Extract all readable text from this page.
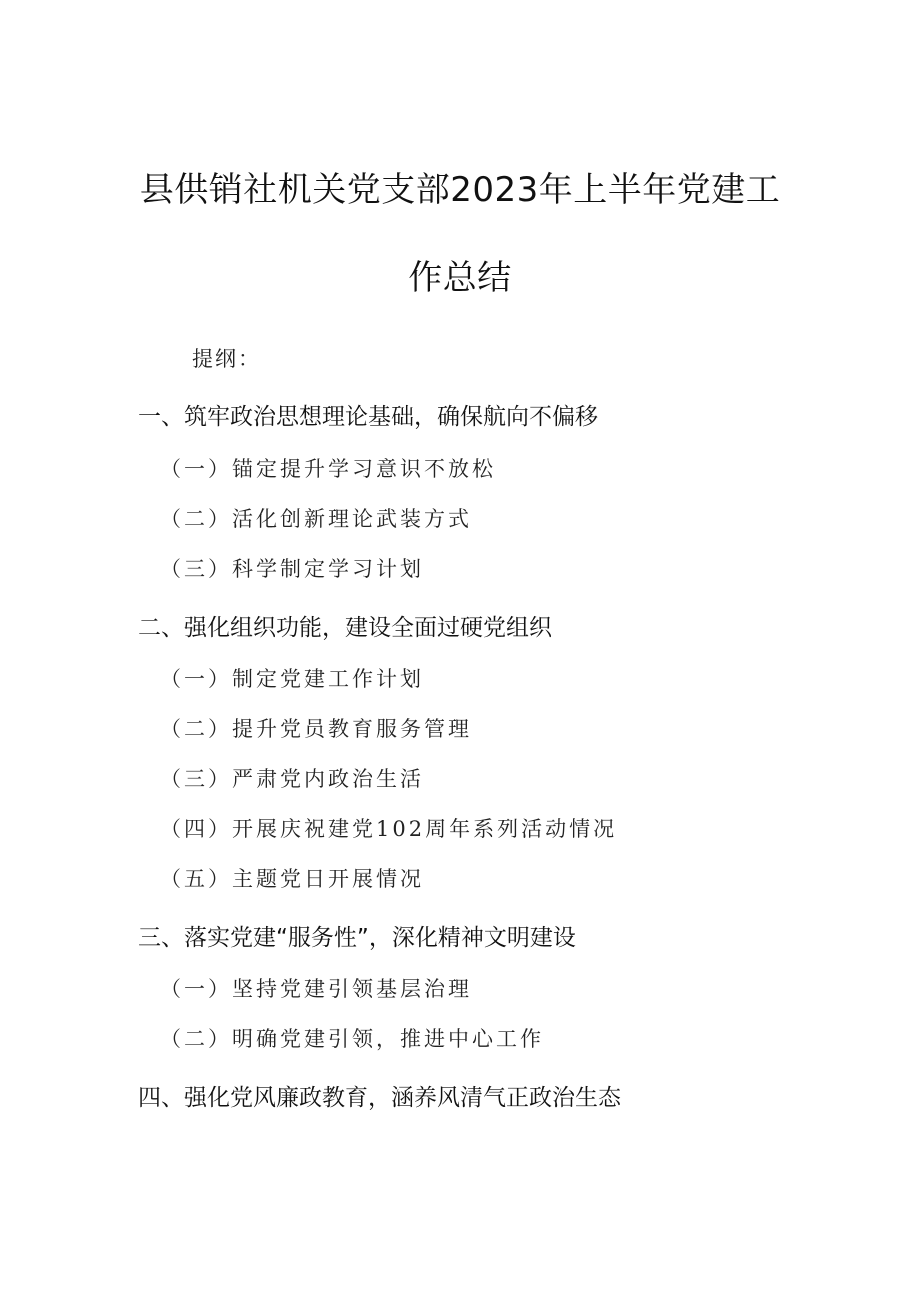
县供销社机关党支部2023年上半年党建工
作总结
提纲：
一、筑牢政治思想理论基础，确保航向不偏移
（一）锚定提升学习意识不放松
（二）活化创新理论武装方式
（三）科学制定学习计划
二、强化组织功能，建设全面过硬党组织
（一）制定党建工作计划
（二）提升党员教育服务管理
（三）严肃党内政治生活
（四）开展庆祝建党102周年系列活动情况
（五）主题党日开展情况
三、落实党建“服务性”，深化精神文明建设
（一）坚持党建引领基层治理
（二）明确党建引领，推进中心工作
四、强化党风廉政教育，涵养风清气正政治生态
